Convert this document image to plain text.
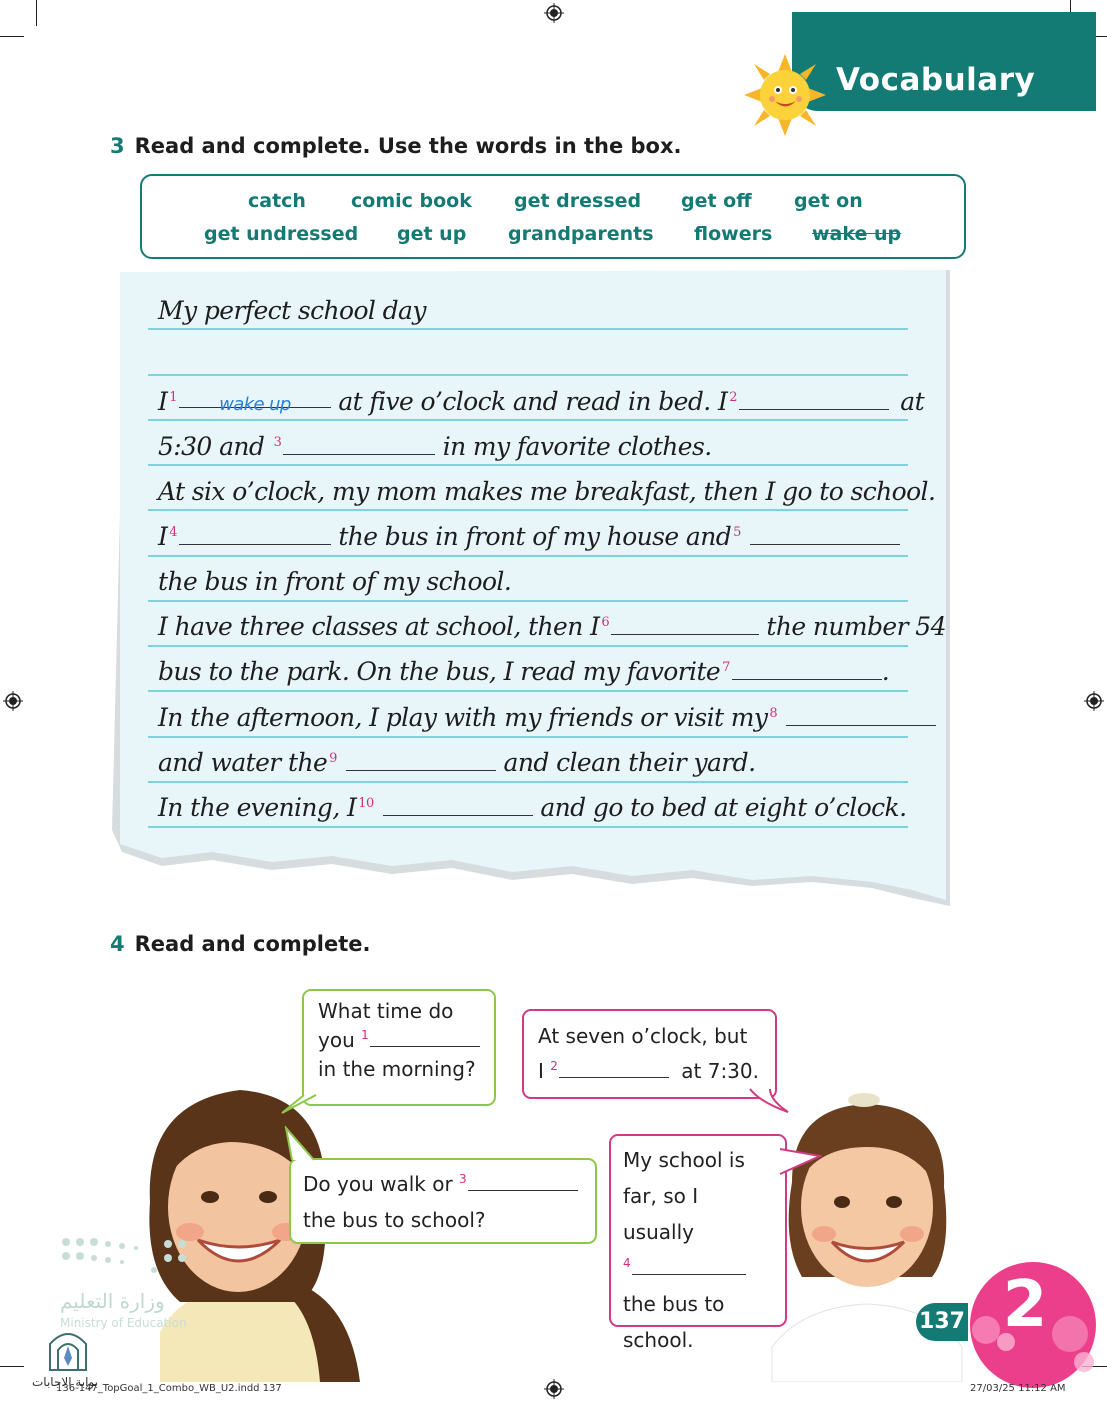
Vocabulary
3 Read and complete. Use the words in the box.
catch comic book get dressed get off get on
get undressed get up grandparents flowers wake up
My perfect school day
I $^1$ wake up at five o’clock and read in bed. I $^2$	at
5:30 and $^3$	in my favorite clothes.
At six o’clock, my mom makes me breakfast, then I go to school.
I $^4$	the bus in front of my house and $^5$
the bus in front of my school.
I have three classes at school, then I $^6$	the number 54
bus to the park. On the bus, I read my favorite $^7$	.
In the afternoon, I play with my friends or visit my $^8$
and water the $^9$	and clean their yard.
In the evening, I $^{10}$	and go to bed at eight o’clock.
4 Read and complete.
What time do
you $^1$
in the morning?
At seven o’clock, but
I $^2$	at 7:30.
Do you walk or $^3$
the bus to school?
My school is
far, so I usually
$^4$
the bus to
school.
وزارة التعليم
Ministry of Education
بوابة الاجابات
137 2
136-147_TopGoal_1_Combo_WB_U2.indd 137	27/03/25 11:12 AM
